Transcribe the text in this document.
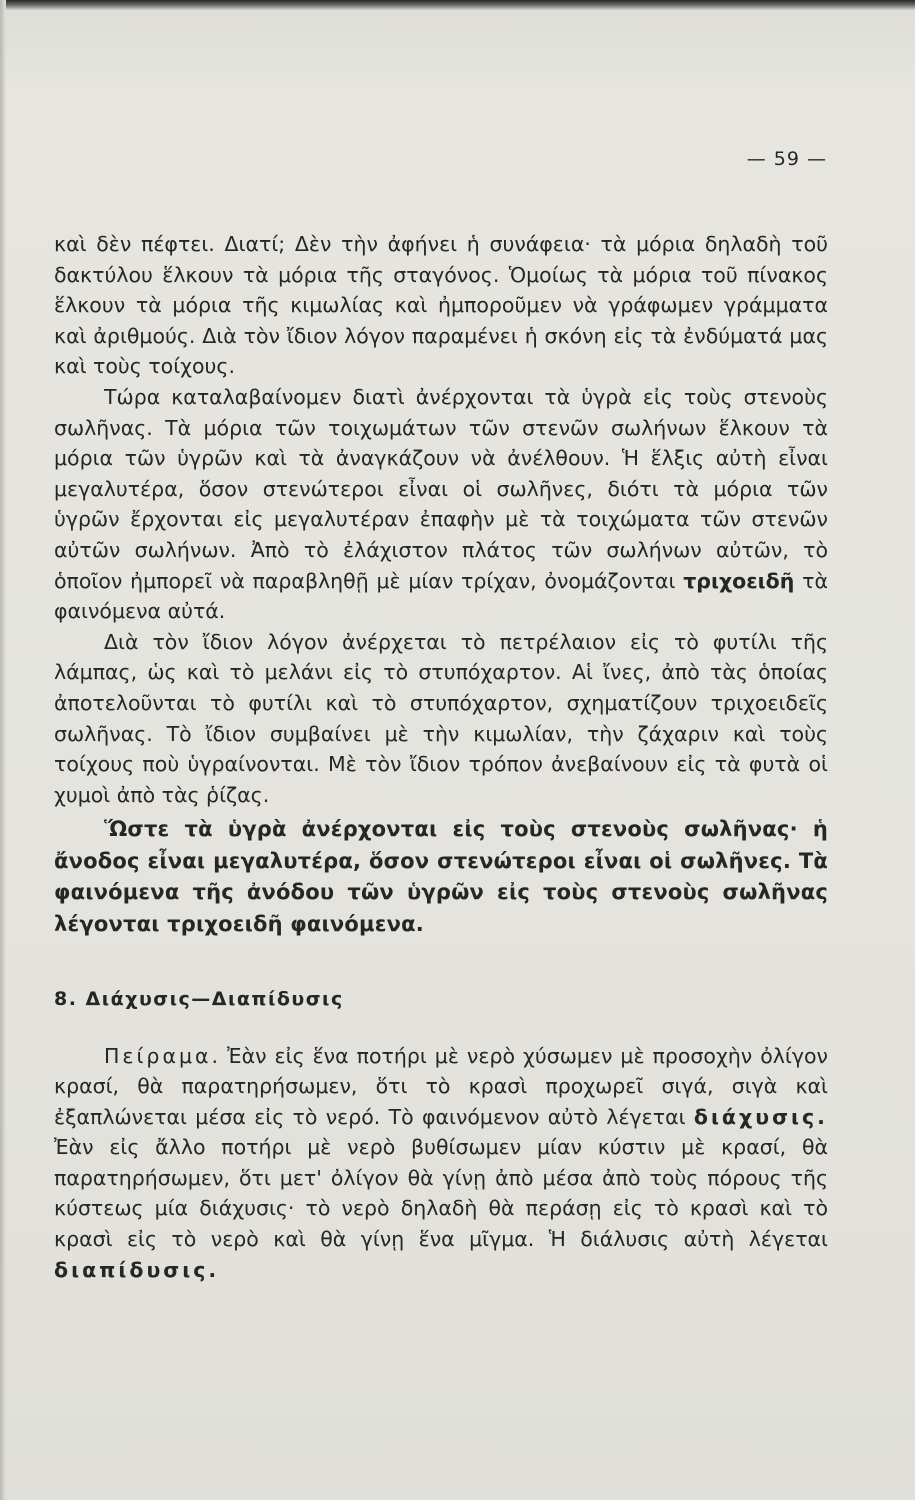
— 59 —

καὶ δὲν πέφτει. Διατί; Δὲν τὴν ἀφήνει ἡ συνάφεια· τὰ μόρια δηλαδὴ τοῦ δακτύλου ἕλκουν τὰ μόρια τῆς σταγόνος. Ὁμοίως τὰ μόρια τοῦ πίνακος ἕλκουν τὰ μόρια τῆς κιμωλίας καὶ ἠμποροῦμεν νὰ γράφωμεν γράμματα καὶ ἀριθμούς. Διὰ τὸν ἴδιον λόγον παραμένει ἡ σκόνη εἰς τὰ ἐνδύματά μας καὶ τοὺς τοίχους.

Τώρα καταλαβαίνομεν διατὶ ἀνέρχονται τὰ ὑγρὰ εἰς τοὺς στενοὺς σωλῆνας. Τὰ μόρια τῶν τοιχωμάτων τῶν στενῶν σωλήνων ἕλκουν τὰ μόρια τῶν ὑγρῶν καὶ τὰ ἀναγκάζουν νὰ ἀνέλθουν. Ἡ ἕλξις αὐτὴ εἶναι μεγαλυτέρα, ὅσον στενώτεροι εἶναι οἱ σωλῆνες, διότι τὰ μόρια τῶν ὑγρῶν ἔρχονται εἰς μεγαλυτέραν ἐπαφὴν μὲ τὰ τοιχώματα τῶν στενῶν αὐτῶν σωλήνων. Ἀπὸ τὸ ἐλάχιστον πλάτος τῶν σωλήνων αὐτῶν, τὸ ὁποῖον ἠμπορεῖ νὰ παραβληθῇ μὲ μίαν τρίχαν, ὀνομάζονται τριχοειδῆ τὰ φαινόμενα αὐτά.

Διὰ τὸν ἴδιον λόγον ἀνέρχεται τὸ πετρέλαιον εἰς τὸ φυτίλι τῆς λάμπας, ὡς καὶ τὸ μελάνι εἰς τὸ στυπόχαρτον. Αἱ ἴνες, ἀπὸ τὰς ὁποίας ἀποτελοῦνται τὸ φυτίλι καὶ τὸ στυπόχαρτον, σχηματίζουν τριχοειδεῖς σωλῆνας. Τὸ ἴδιον συμβαίνει μὲ τὴν κιμωλίαν, τὴν ζάχαριν καὶ τοὺς τοίχους ποὺ ὑγραίνονται. Μὲ τὸν ἴδιον τρόπον ἀνεβαίνουν εἰς τὰ φυτὰ οἱ χυμοὶ ἀπὸ τὰς ῥίζας.

Ὥστε τὰ ὑγρὰ ἀνέρχονται εἰς τοὺς στενοὺς σωλῆνας· ἡ ἄνοδος εἶναι μεγαλυτέρα, ὅσον στενώτεροι εἶναι οἱ σωλῆνες. Τὰ φαινόμενα τῆς ἀνόδου τῶν ὑγρῶν εἰς τοὺς στενοὺς σωλῆνας λέγονται τριχοειδῆ φαινόμενα.

8. Διάχυσις—Διαπίδυσις

Πείραμα. Ἐὰν εἰς ἕνα ποτήρι μὲ νερὸ χύσωμεν μὲ προσοχὴν ὀλίγον κρασί, θὰ παρατηρήσωμεν, ὅτι τὸ κρασὶ προχωρεῖ σιγά, σιγὰ καὶ ἐξαπλώνεται μέσα εἰς τὸ νερό. Τὸ φαινόμενον αὐτὸ λέγεται διάχυσις. Ἐὰν εἰς ἄλλο ποτήρι μὲ νερὸ βυθίσωμεν μίαν κύστιν μὲ κρασί, θὰ παρατηρήσωμεν, ὅτι μετ' ὀλίγον θὰ γίνῃ ἀπὸ μέσα ἀπὸ τοὺς πόρους τῆς κύστεως μία διάχυσις· τὸ νερὸ δηλαδὴ θὰ περάσῃ εἰς τὸ κρασὶ καὶ τὸ κρασὶ εἰς τὸ νερὸ καὶ θὰ γίνῃ ἕνα μῖγμα. Ἡ διάλυσις αὐτὴ λέγεται διαπίδυσις.
